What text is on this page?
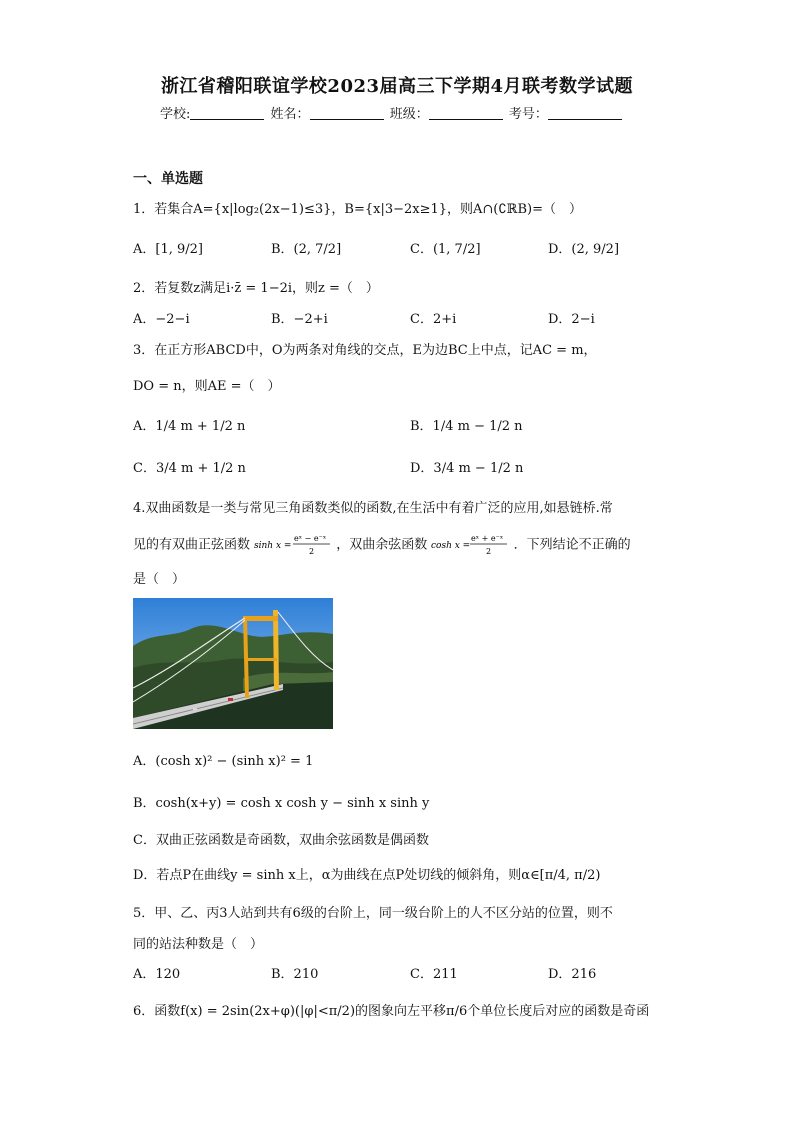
浙江省稽阳联谊学校2023届高三下学期4月联考数学试题
学校:	姓名：	班级：	考号：
一、单选题
1．若集合A={x|log₂(2x−1)≤3}，B={x|3−2x≥1}，则A∩(∁ℝB)=（　）
A．[1, 9/2]	B．(2, 7/2]	C．(1, 7/2]	D．(2, 9/2]
2．若复数z满足i·z̄ = 1−2i，则z =（　）
A．−2−i	B．−2+i	C．2+i	D．2−i
3．在正方形ABCD中，O为两条对角线的交点，E为边BC上中点，记AC = m，
DO = n，则AE =（　）
A．1/4 m + 1/2 n	B．1/4 m − 1/2 n
C．3/4 m + 1/2 n	D．3/4 m − 1/2 n
4.双曲函数是一类与常见三角函数类似的函数,在生活中有着广泛的应用,如悬链桥.常
见的有双曲正弦函数 sinh x =
eˣ − e⁻ˣ
2 ，双曲余弦函数 cosh x =
eˣ + e⁻ˣ
2 ．下列结论不正确的
是（　）
A．(cosh x)² − (sinh x)² = 1
B．cosh(x+y) = cosh x cosh y − sinh x sinh y
C．双曲正弦函数是奇函数，双曲余弦函数是偶函数
D．若点P在曲线y = sinh x上，α为曲线在点P处切线的倾斜角，则α∈[π/4, π/2)
5．甲、乙、丙3人站到共有6级的台阶上，同一级台阶上的人不区分站的位置，则不
同的站法种数是（　）
A．120	B．210	C．211	D．216
6．函数f(x) = 2sin(2x+φ)(|φ|<π/2)的图象向左平移π/6个单位长度后对应的函数是奇函
